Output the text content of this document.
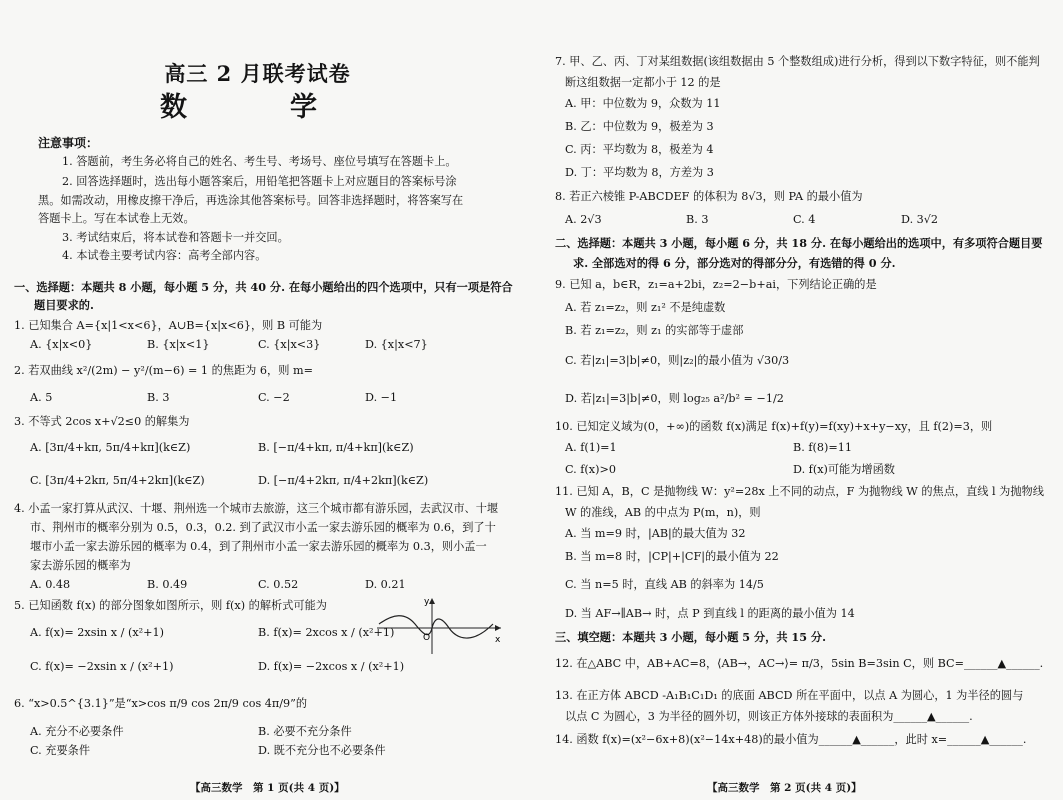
高三 2 月联考试卷
数　学
注意事项：
1. 答题前，考生务必将自己的姓名、考生号、考场号、座位号填写在答题卡上。
2. 回答选择题时，选出每小题答案后，用铅笔把答题卡上对应题目的答案标号涂
黑。如需改动，用橡皮擦干净后，再选涂其他答案标号。回答非选择题时，将答案写在
答题卡上。写在本试卷上无效。
3. 考试结束后，将本试卷和答题卡一并交回。
4. 本试卷主要考试内容：高考全部内容。
一、选择题：本题共 8 小题，每小题 5 分，共 40 分. 在每小题给出的四个选项中，只有一项是符合
题目要求的.
1. 已知集合 A={x|1<x<6}，A∪B={x|x<6}，则 B 可能为
A. {x|x<0}	B. {x|x<1}	C. {x|x<3}	D. {x|x<7}
2. 若双曲线 x²/(2m) − y²/(m−6) = 1 的焦距为 6，则 m=
A. 5	B. 3	C. −2	D. −1
3. 不等式 2cos x+√2≤0 的解集为
A. [3π/4+kπ, 5π/4+kπ](k∈Z)	B. [−π/4+kπ, π/4+kπ](k∈Z)
C. [3π/4+2kπ, 5π/4+2kπ](k∈Z)	D. [−π/4+2kπ, π/4+2kπ](k∈Z)
4. 小孟一家打算从武汉、十堰、荆州选一个城市去旅游，这三个城市都有游乐园，去武汉市、十堰
市、荆州市的概率分别为 0.5，0.3，0.2. 到了武汉市小孟一家去游乐园的概率为 0.6，到了十
堰市小孟一家去游乐园的概率为 0.4，到了荆州市小孟一家去游乐园的概率为 0.3，则小孟一
家去游乐园的概率为
A. 0.48	B. 0.49	C. 0.52	D. 0.21
5. 已知函数 f(x) 的部分图象如图所示，则 f(x) 的解析式可能为
x
y
O
A. f(x)= 2xsin x / (x²+1)	B. f(x)= 2xcos x / (x²+1)
C. f(x)= −2xsin x / (x²+1)	D. f(x)= −2xcos x / (x²+1)
6. “x>0.5^{3.1}”是“x>cos π/9 cos 2π/9 cos 4π/9”的
A. 充分不必要条件	B. 必要不充分条件
C. 充要条件	D. 既不充分也不必要条件
【高三数学　第 1 页(共 4 页)】
7. 甲、乙、丙、丁对某组数据(该组数据由 5 个整数组成)进行分析，得到以下数字特征，则不能判
断这组数据一定都小于 12 的是
A. 甲：中位数为 9，众数为 11
B. 乙：中位数为 9，极差为 3
C. 丙：平均数为 8，极差为 4
D. 丁：平均数为 8，方差为 3
8. 若正六棱锥 P-ABCDEF 的体积为 8√3，则 PA 的最小值为
A. 2√3	B. 3	C. 4	D. 3√2
二、选择题：本题共 3 小题，每小题 6 分，共 18 分. 在每小题给出的选项中，有多项符合题目要
求. 全部选对的得 6 分，部分选对的得部分分，有选错的得 0 分.
9. 已知 a，b∈R，z₁=a+2bi，z₂=2−b+ai，下列结论正确的是
A. 若 z₁=z₂，则 z₁² 不是纯虚数
B. 若 z₁=z₂，则 z₁ 的实部等于虚部
C. 若|z₁|=3|b|≠0，则|z₂|的最小值为 √30/3
D. 若|z₁|=3|b|≠0，则 log₂₅ a²/b² = −1/2
10. 已知定义域为(0，+∞)的函数 f(x)满足 f(x)+f(y)=f(xy)+x+y−xy，且 f(2)=3，则
A. f(1)=1	B. f(8)=11
C. f(x)>0	D. f(x)可能为增函数
11. 已知 A，B，C 是抛物线 W：y²=28x 上不同的动点，F 为抛物线 W 的焦点，直线 l 为抛物线
W 的准线，AB 的中点为 P(m，n)，则
A. 当 m=9 时，|AB|的最大值为 32
B. 当 m=8 时，|CP|+|CF|的最小值为 22
C. 当 n=5 时，直线 AB 的斜率为 14/5
D. 当 AF→∥AB→ 时，点 P 到直线 l 的距离的最小值为 14
三、填空题：本题共 3 小题，每小题 5 分，共 15 分.
12. 在△ABC 中，AB+AC=8，⟨AB→，AC→⟩= π/3，5sin B=3sin C，则 BC=______▲______.
13. 在正方体 ABCD -A₁B₁C₁D₁ 的底面 ABCD 所在平面中，以点 A 为圆心，1 为半径的圆与
以点 C 为圆心，3 为半径的圆外切，则该正方体外接球的表面积为______▲______.
14. 函数 f(x)=(x²−6x+8)(x²−14x+48)的最小值为______▲______，此时 x=______▲______.
【高三数学　第 2 页(共 4 页)】
